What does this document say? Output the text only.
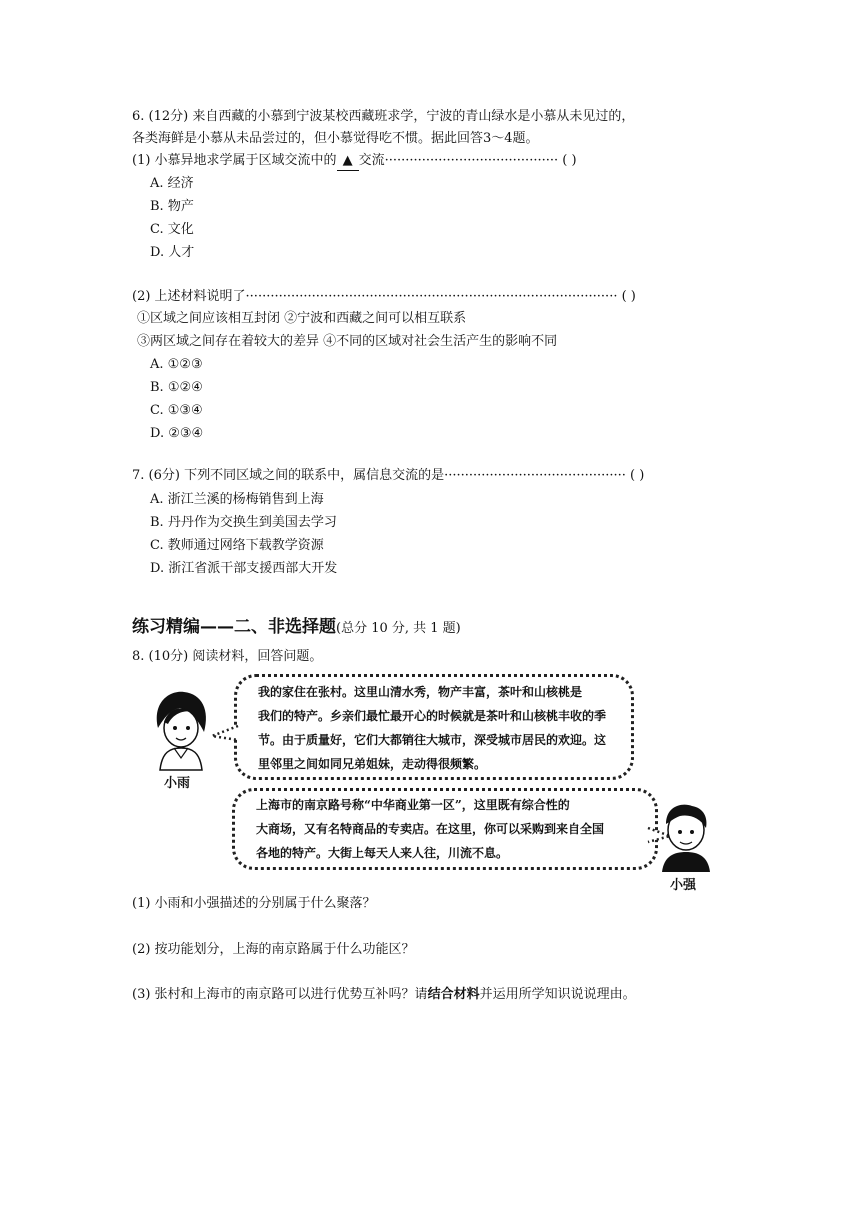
6. (12分) 来自西藏的小慕到宁波某校西藏班求学，宁波的青山绿水是小慕从未见过的，
各类海鲜是小慕从未品尝过的，但小慕觉得吃不惯。据此回答3～4题。
(1) 小慕异地求学属于区域交流中的 ▲ 交流·········································· ( )
A. 经济
B. 物产
C. 文化
D. 人才
(2) 上述材料说明了·························································································· ( )
①区域之间应该相互封闭 ②宁波和西藏之间可以相互联系
③两区域之间存在着较大的差异 ④不同的区域对社会生活产生的影响不同
A. ①②③
B. ①②④
C. ①③④
D. ②③④
7. (6分) 下列不同区域之间的联系中，属信息交流的是············································ ( )
A. 浙江兰溪的杨梅销售到上海
B. 丹丹作为交换生到美国去学习
C. 教师通过网络下载教学资源
D. 浙江省派干部支援西部大开发
练习精编——二、非选择题(总分 10 分, 共 1 题)
8. (10分) 阅读材料，回答问题。
小雨
我的家住在张村。这里山清水秀，物产丰富，茶叶和山核桃是
我们的特产。乡亲们最忙最开心的时候就是茶叶和山核桃丰收的季
节。由于质量好，它们大都销往大城市，深受城市居民的欢迎。这
里邻里之间如同兄弟姐妹，走动得很频繁。
上海市的南京路号称“中华商业第一区”，这里既有综合性的
大商场，又有名特商品的专卖店。在这里，你可以采购到来自全国
各地的特产。大街上每天人来人往，川流不息。
小强
(1) 小雨和小强描述的分别属于什么聚落？
(2) 按功能划分，上海的南京路属于什么功能区？
(3) 张村和上海市的南京路可以进行优势互补吗？请结合材料并运用所学知识说说理由。
